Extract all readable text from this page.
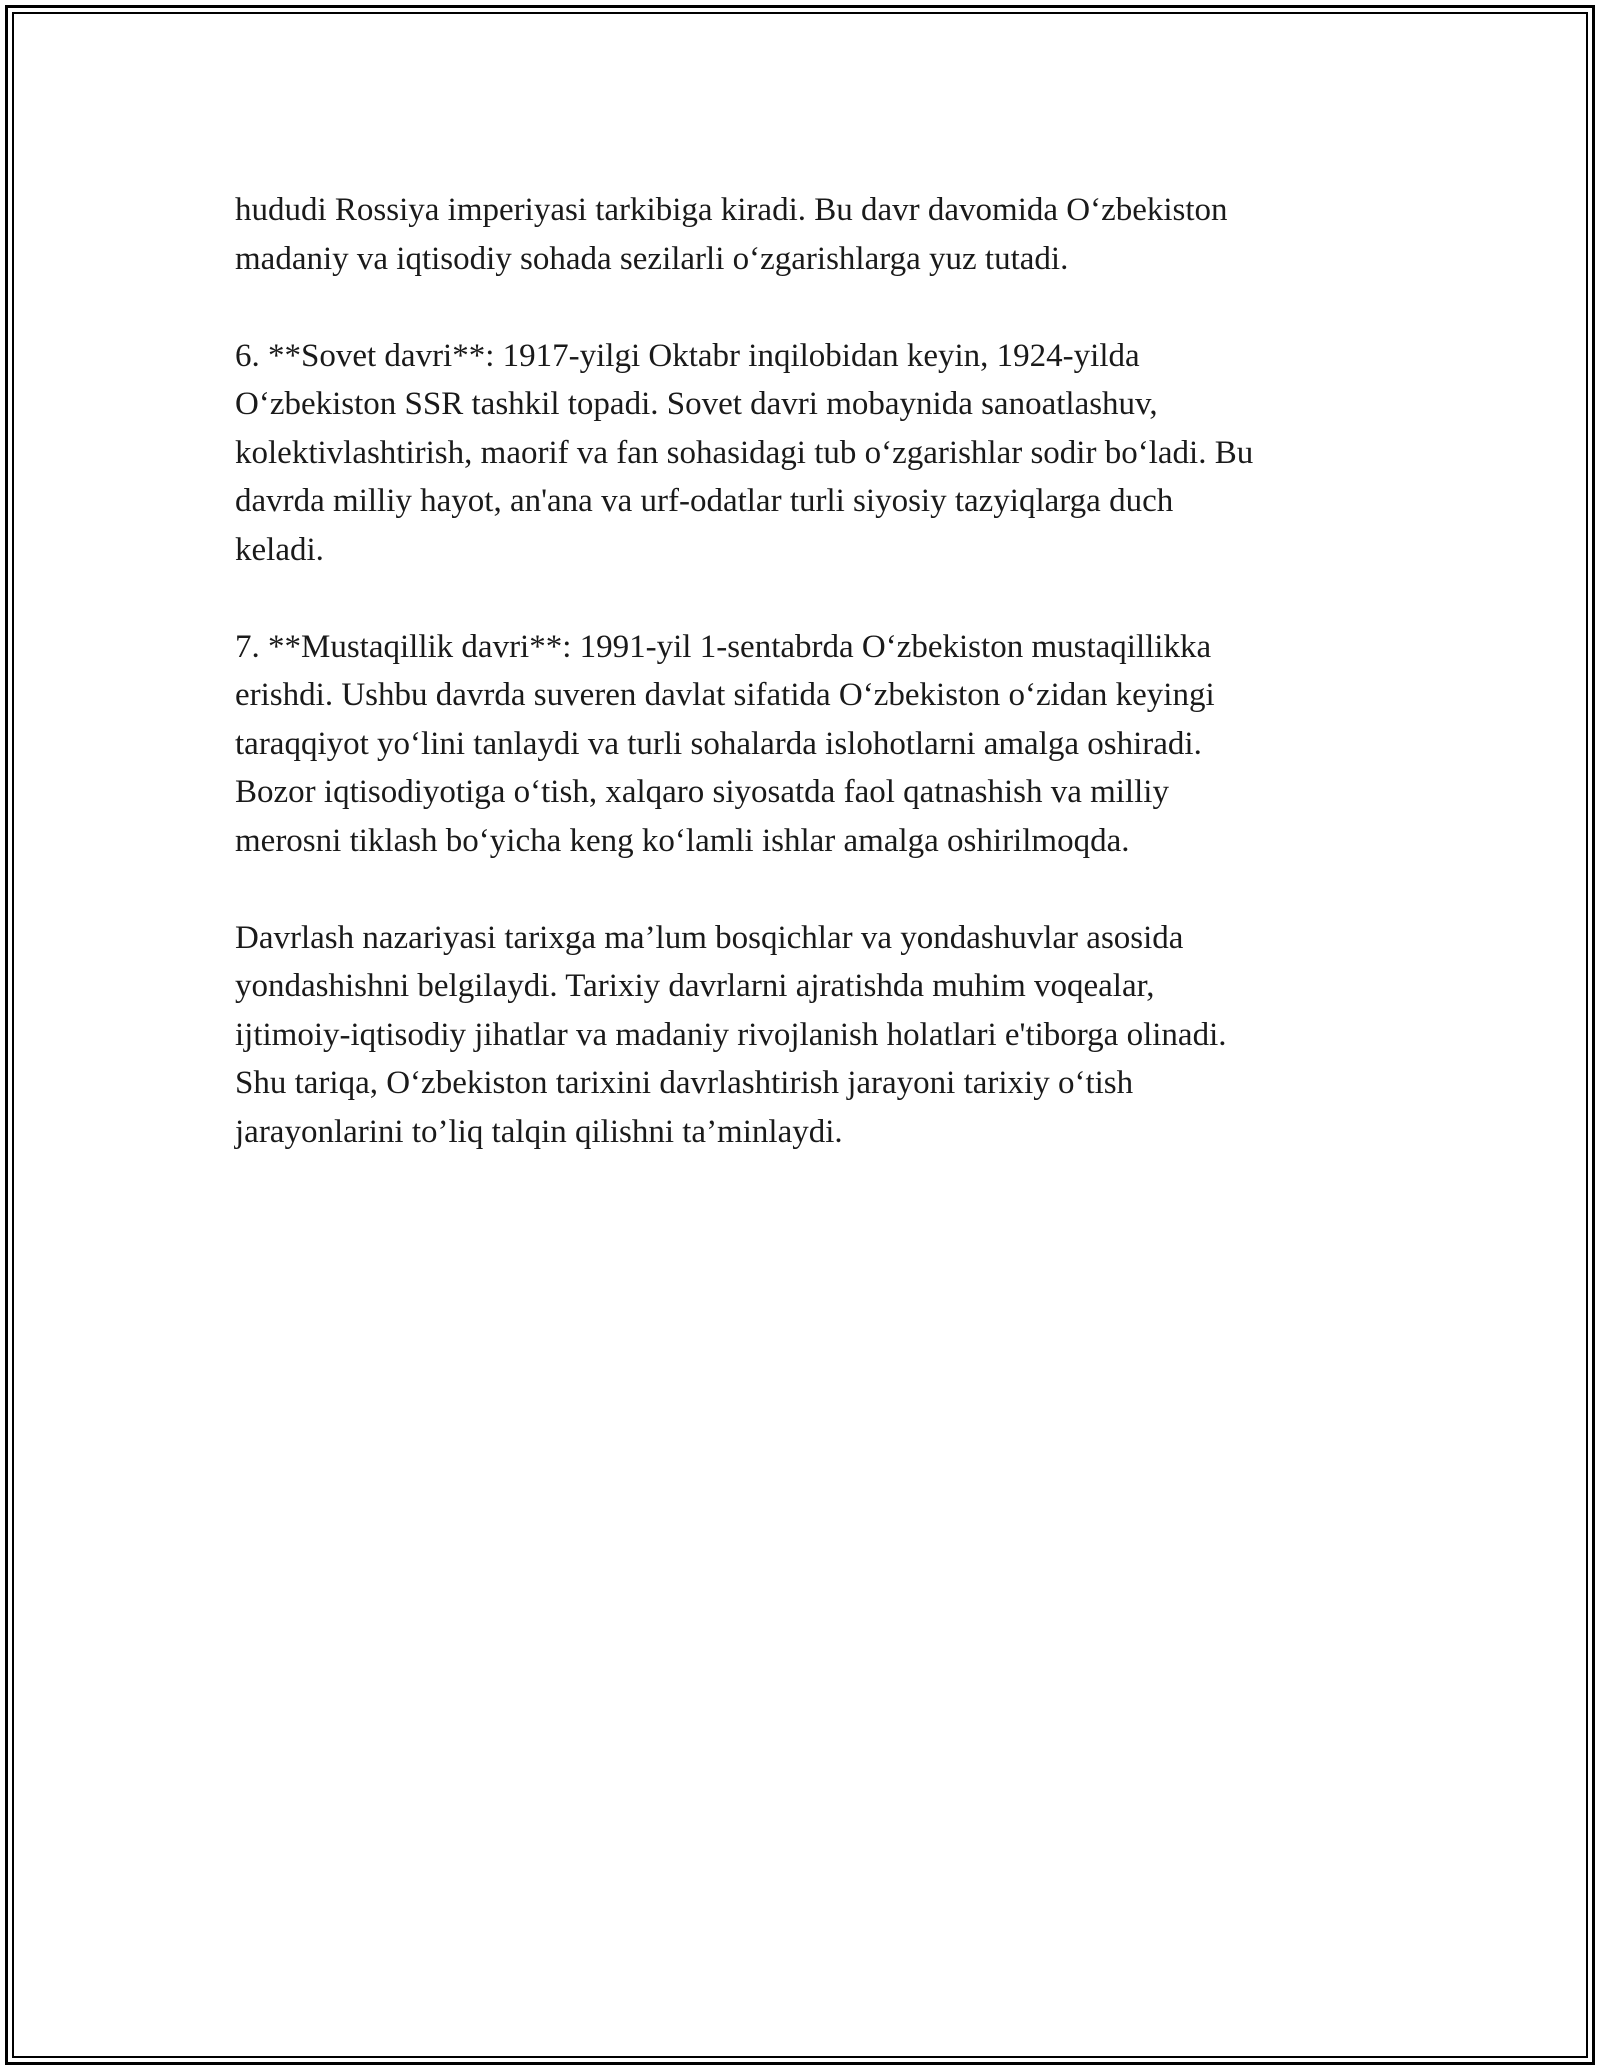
hududi Rossiya imperiyasi tarkibiga kiradi. Bu davr davomida O‘zbekiston
madaniy va iqtisodiy sohada sezilarli o‘zgarishlarga yuz tutadi.

6. **Sovet davri**: 1917-yilgi Oktabr inqilobidan keyin, 1924-yilda
O‘zbekiston SSR tashkil topadi. Sovet davri mobaynida sanoatlashuv,
kolektivlashtirish, maorif va fan sohasidagi tub o‘zgarishlar sodir bo‘ladi. Bu
davrda milliy hayot, an'ana va urf-odatlar turli siyosiy tazyiqlarga duch
keladi.

7. **Mustaqillik davri**: 1991-yil 1-sentabrda O‘zbekiston mustaqillikka
erishdi. Ushbu davrda suveren davlat sifatida O‘zbekiston o‘zidan keyingi
taraqqiyot yo‘lini tanlaydi va turli sohalarda islohotlarni amalga oshiradi.
Bozor iqtisodiyotiga o‘tish, xalqaro siyosatda faol qatnashish va milliy
merosni tiklash bo‘yicha keng ko‘lamli ishlar amalga oshirilmoqda.

Davrlash nazariyasi tarixga ma’lum bosqichlar va yondashuvlar asosida
yondashishni belgilaydi. Tarixiy davrlarni ajratishda muhim voqealar,
ijtimoiy-iqtisodiy jihatlar va madaniy rivojlanish holatlari e'tiborga olinadi.
Shu tariqa, O‘zbekiston tarixini davrlashtirish jarayoni tarixiy o‘tish
jarayonlarini to’liq talqin qilishni ta’minlaydi.
